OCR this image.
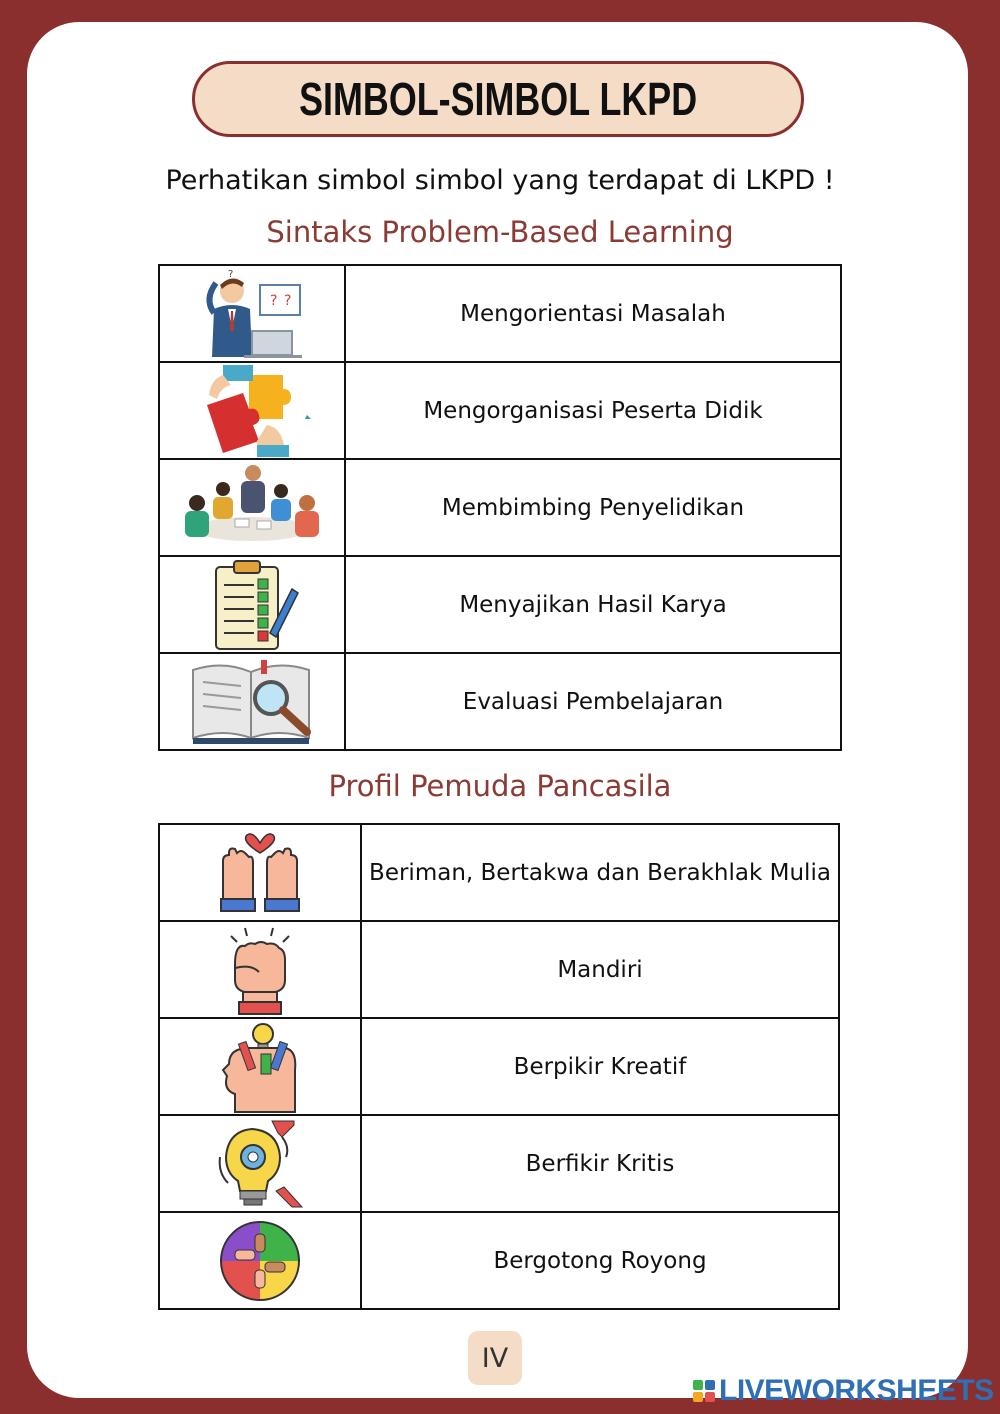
SIMBOL-SIMBOL LKPD
Perhatikan simbol simbol yang terdapat di LKPD !
Sintaks Problem-Based Learning
? ?
?	Mengorientasi Masalah

	Mengorganisasi Peserta Didik

	Membimbing Penyelidikan

	Menyajikan Hasil Karya

	Evaluasi Pembelajaran
Profil Pemuda Pancasila
	Beriman, Bertakwa dan Berakhlak Mulia

	Mandiri

	Berpikir Kreatif

	Berfikir Kritis

	Bergotong Royong
IV
LIVEWORKSHEETS
